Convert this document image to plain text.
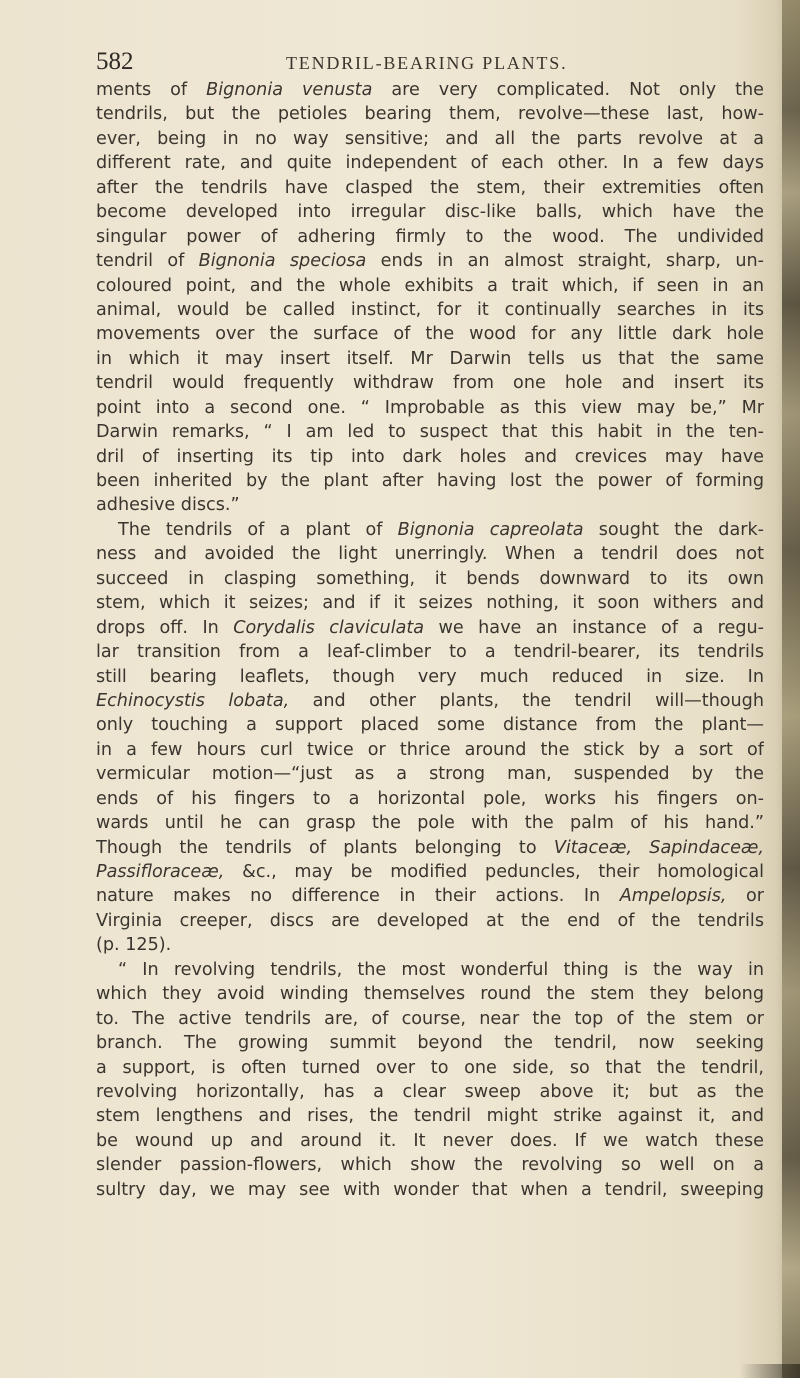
582	TENDRIL-BEARING PLANTS.
ments of Bignonia venusta are very complicated. Not only the
tendrils, but the petioles bearing them, revolve—these last, how-
ever, being in no way sensitive; and all the parts revolve at a
different rate, and quite independent of each other. In a few days
after the tendrils have clasped the stem, their extremities often
become developed into irregular disc-like balls, which have the
singular power of adhering firmly to the wood. The undivided
tendril of Bignonia speciosa ends in an almost straight, sharp, un-
coloured point, and the whole exhibits a trait which, if seen in an
animal, would be called instinct, for it continually searches in its
movements over the surface of the wood for any little dark hole
in which it may insert itself. Mr Darwin tells us that the same
tendril would frequently withdraw from one hole and insert its
point into a second one. “ Improbable as this view may be,” Mr
Darwin remarks, “ I am led to suspect that this habit in the ten-
dril of inserting its tip into dark holes and crevices may have
been inherited by the plant after having lost the power of forming
adhesive discs.”
The tendrils of a plant of Bignonia capreolata sought the dark-
ness and avoided the light unerringly. When a tendril does not
succeed in clasping something, it bends downward to its own
stem, which it seizes; and if it seizes nothing, it soon withers and
drops off. In Corydalis claviculata we have an instance of a regu-
lar transition from a leaf-climber to a tendril-bearer, its tendrils
still bearing leaflets, though very much reduced in size. In
Echinocystis lobata, and other plants, the tendril will—though
only touching a support placed some distance from the plant—
in a few hours curl twice or thrice around the stick by a sort of
vermicular motion—“just as a strong man, suspended by the
ends of his fingers to a horizontal pole, works his fingers on-
wards until he can grasp the pole with the palm of his hand.”
Though the tendrils of plants belonging to Vitaceæ, Sapindaceæ,
Passifloraceæ, &c., may be modified peduncles, their homological
nature makes no difference in their actions. In Ampelopsis, or
Virginia creeper, discs are developed at the end of the tendrils
(p. 125).
“ In revolving tendrils, the most wonderful thing is the way in
which they avoid winding themselves round the stem they belong
to. The active tendrils are, of course, near the top of the stem or
branch. The growing summit beyond the tendril, now seeking
a support, is often turned over to one side, so that the tendril,
revolving horizontally, has a clear sweep above it; but as the
stem lengthens and rises, the tendril might strike against it, and
be wound up and around it. It never does. If we watch these
slender passion-flowers, which show the revolving so well on a
sultry day, we may see with wonder that when a tendril, sweeping
